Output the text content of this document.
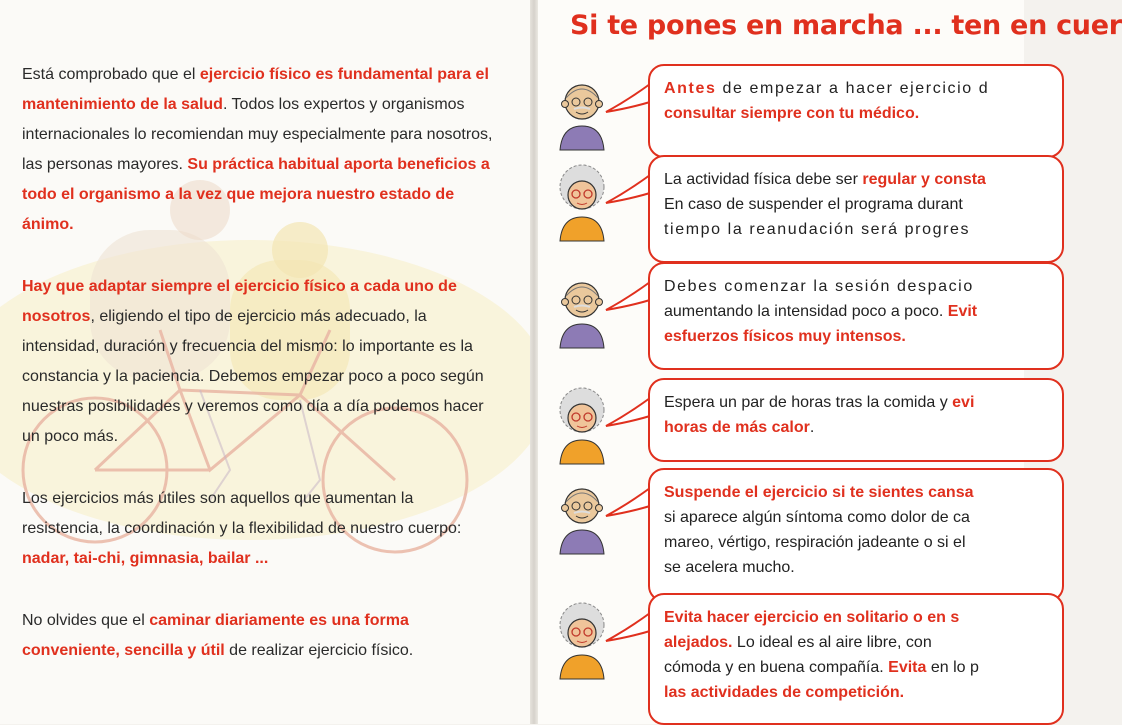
Está comprobado que el ejercicio físico es fundamental para el mantenimiento de la salud. Todos los expertos y organismos internacionales lo recomiendan muy especialmente para nosotros, las personas mayores. Su práctica habitual aporta beneficios a todo el organismo a la vez que mejora nuestro estado de ánimo.

Hay que adaptar siempre el ejercicio físico a cada uno de nosotros, eligiendo el tipo de ejercicio más adecuado, la intensidad, duración y frecuencia del mismo: lo importante es la constancia y la paciencia. Debemos empezar poco a poco según nuestras posibilidades y veremos como día a día podemos hacer un poco más.

Los ejercicios más útiles son aquellos que aumentan la resistencia, la coordinación y la flexibilidad de nuestro cuerpo: nadar, tai-chi, gimnasia, bailar ...

No olvides que el caminar diariamente es una forma conveniente, sencilla y útil de realizar ejercicio físico.

Si te pones en marcha ... ten en cuer

Antes de empezar a hacer ejercicio d

consultar siempre con tu médico.

La actividad física debe ser regular y consta

En caso de suspender el programa durant

tiempo la reanudación será progres

Debes comenzar la sesión despacio

aumentando la intensidad poco a poco. Evit

esfuerzos físicos muy intensos.

Espera un par de horas tras la comida y evi

horas de más calor.

Suspende el ejercicio si te sientes cansa

si aparece algún síntoma como dolor de ca

mareo, vértigo, respiración jadeante o si el

se acelera mucho.

Evita hacer ejercicio en solitario o en s

alejados. Lo ideal es al aire libre, con

cómoda y en buena compañía. Evita en lo p

las actividades de competición.
